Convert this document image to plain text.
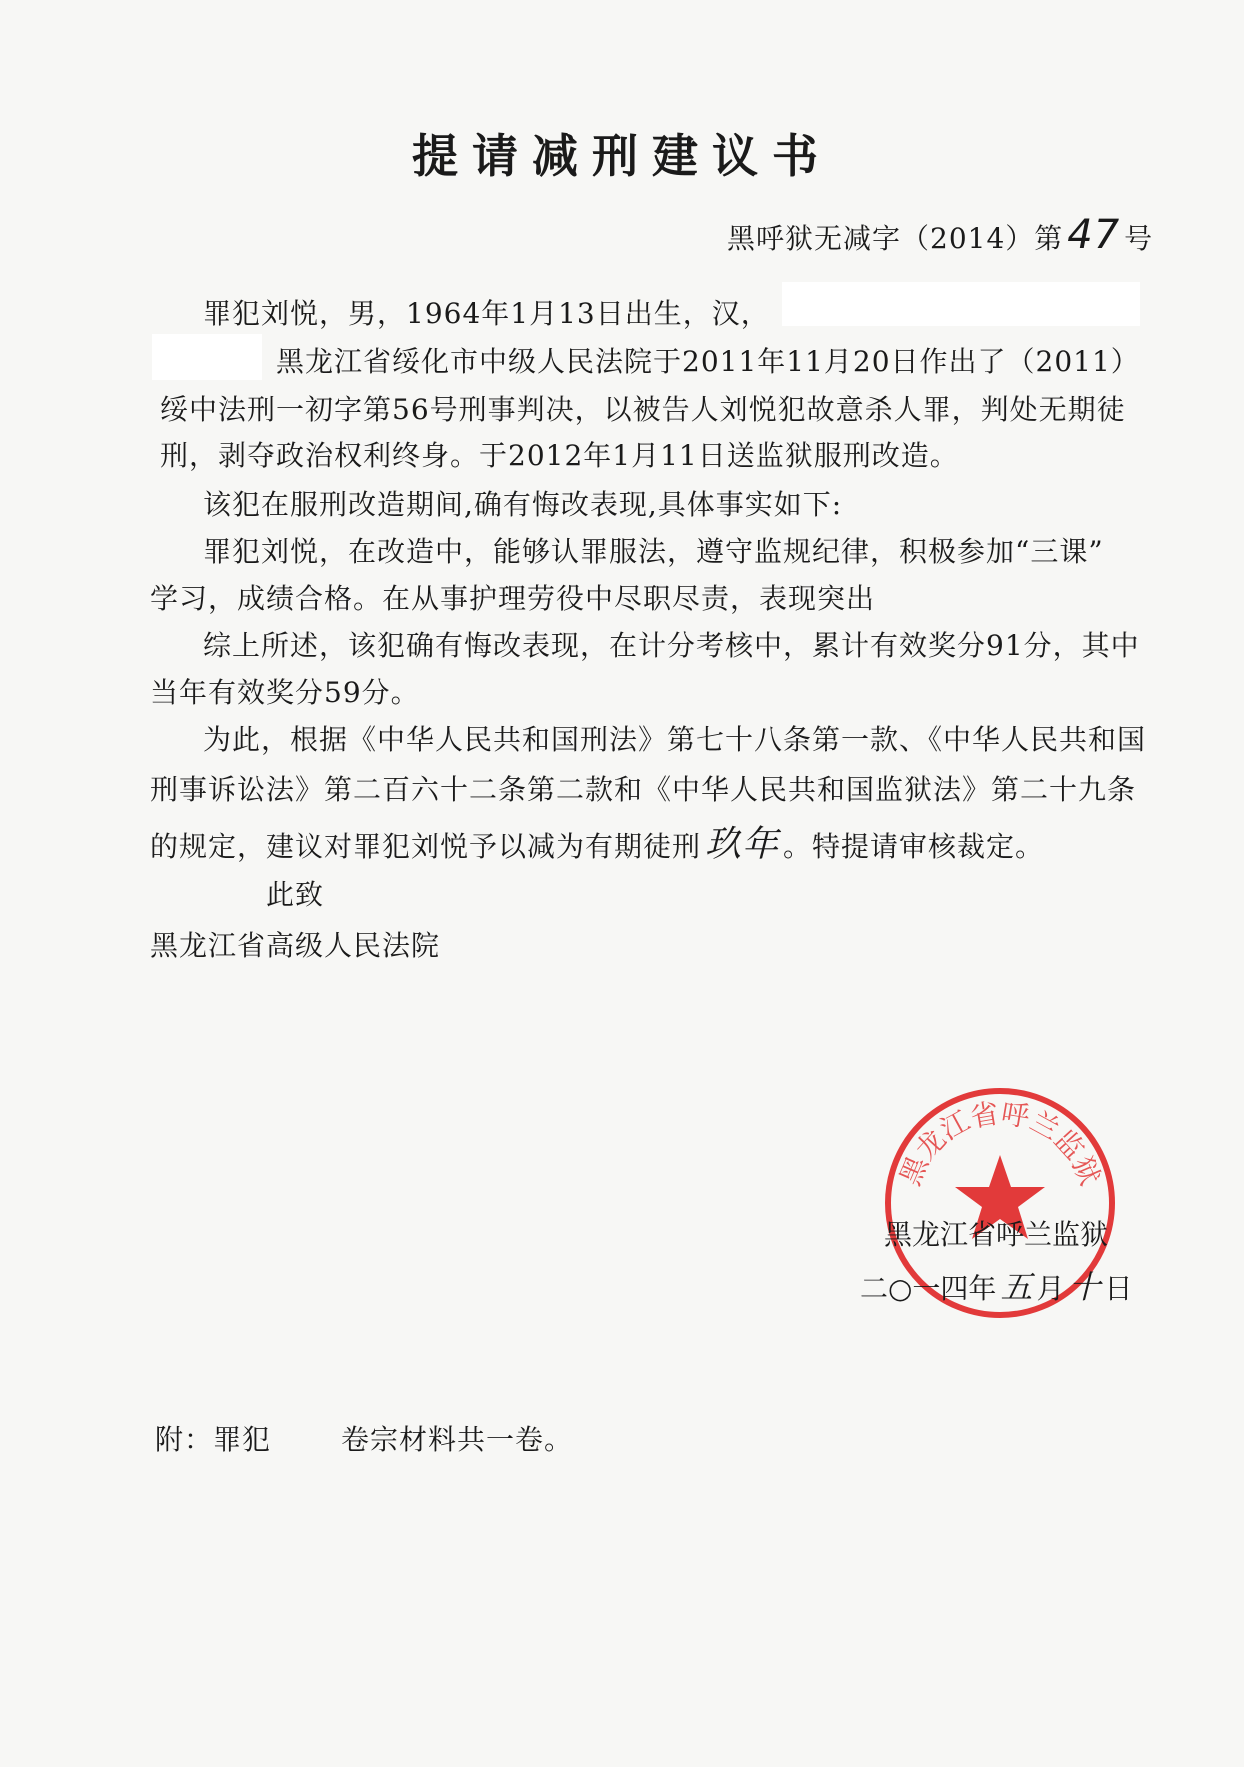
提请减刑建议书
黑呼狱无减字（2014）第 47 号
罪犯刘悦，男，1964年1月13日出生，汉，
黑龙江省绥化市中级人民法院于2011年11月20日作出了（2011）
绥中法刑一初字第56号刑事判决，以被告人刘悦犯故意杀人罪，判处无期徒
刑，剥夺政治权利终身。于2012年1月11日送监狱服刑改造。
该犯在服刑改造期间,确有悔改表现,具体事实如下:
罪犯刘悦，在改造中，能够认罪服法，遵守监规纪律，积极参加“三课”
学习，成绩合格。在从事护理劳役中尽职尽责，表现突出
综上所述，该犯确有悔改表现，在计分考核中，累计有效奖分91分，其中
当年有效奖分59分。
为此，根据《中华人民共和国刑法》第七十八条第一款、《中华人民共和国
刑事诉讼法》第二百六十二条第二款和《中华人民共和国监狱法》第二十九条
的规定，建议对罪犯刘悦予以减为有期徒刑 玖年 。特提请审核裁定。
此致
黑龙江省高级人民法院
黑龙江省呼兰监狱
黑龙江省呼兰监狱
二○一四年 五 月 十 日
附：罪犯	卷宗材料共一卷。
